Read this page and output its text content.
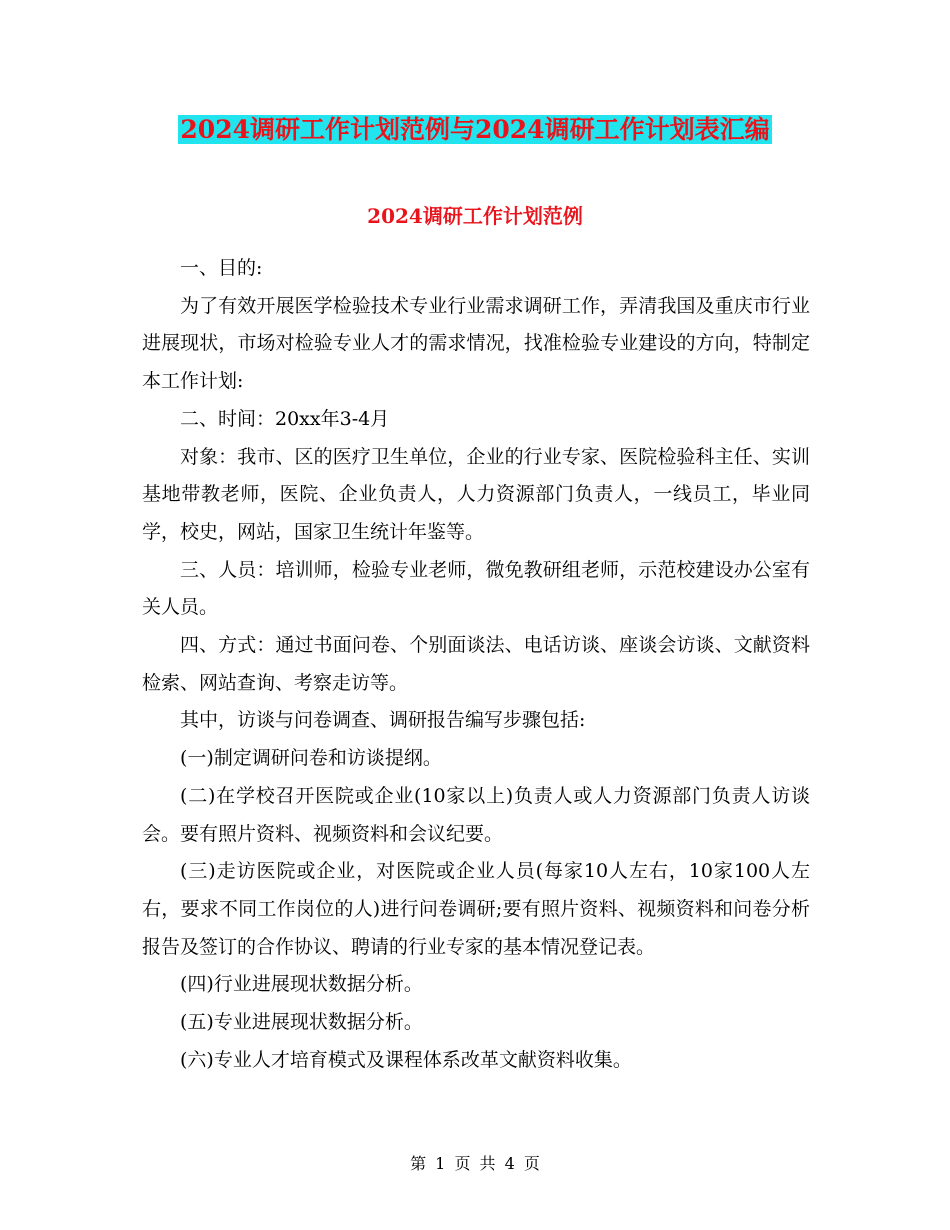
2024调研工作计划范例与2024调研工作计划表汇编
2024调研工作计划范例

一、目的:

为了有效开展医学检验技术专业行业需求调研工作，弄清我国及重庆市行业进展现状，市场对检验专业人才的需求情况，找准检验专业建设的方向，特制定本工作计划:

二、时间：20xx年3-4月

对象：我市、区的医疗卫生单位，企业的行业专家、医院检验科主任、实训基地带教老师，医院、企业负责人，人力资源部门负责人，一线员工，毕业同学，校史，网站，国家卫生统计年鉴等。

三、人员：培训师，检验专业老师，微免教研组老师，示范校建设办公室有关人员。

四、方式：通过书面问卷、个别面谈法、电话访谈、座谈会访谈、文献资料检索、网站查询、考察走访等。

其中，访谈与问卷调查、调研报告编写步骤包括:

(一)制定调研问卷和访谈提纲。

(二)在学校召开医院或企业(10家以上)负责人或人力资源部门负责人访谈会。要有照片资料、视频资料和会议纪要。

(三)走访医院或企业，对医院或企业人员(每家10人左右，10家100人左右，要求不同工作岗位的人)进行问卷调研;要有照片资料、视频资料和问卷分析报告及签订的合作协议、聘请的行业专家的基本情况登记表。

(四)行业进展现状数据分析。

(五)专业进展现状数据分析。

(六)专业人才培育模式及课程体系改革文献资料收集。

第 1 页 共 4 页
